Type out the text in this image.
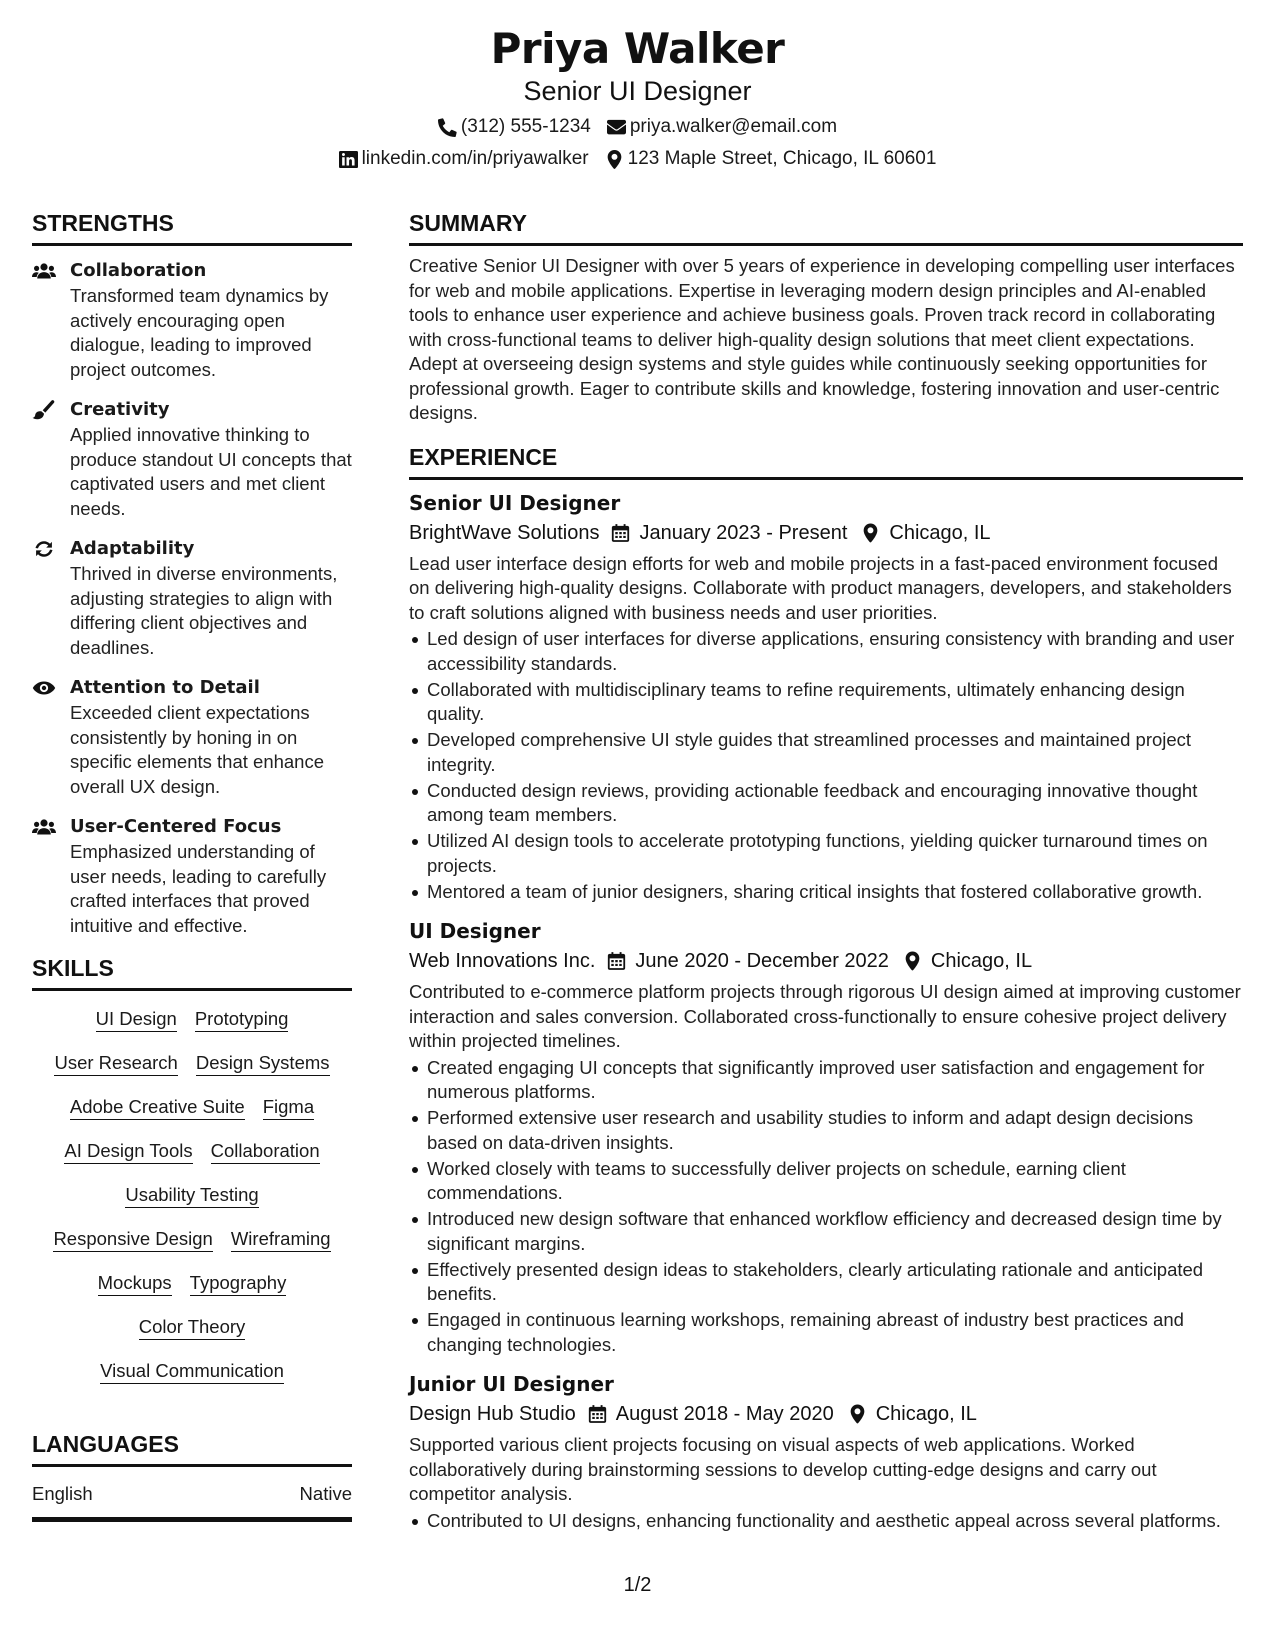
Priya Walker
Senior UI Designer
(312) 555-1234 priya.walker@email.com
linkedin.com/in/priyawalker 123 Maple Street, Chicago, IL 60601
STRENGTHS
Collaboration
Transformed team dynamics by actively encouraging open dialogue, leading to improved project outcomes.
Creativity
Applied innovative thinking to produce standout UI concepts that captivated users and met client needs.
Adaptability
Thrived in diverse environments, adjusting strategies to align with differing client objectives and deadlines.
Attention to Detail
Exceeded client expectations consistently by honing in on specific elements that enhance overall UX design.
User-Centered Focus
Emphasized understanding of user needs, leading to carefully crafted interfaces that proved intuitive and effective.
SKILLS
UI Design Prototyping
User Research Design Systems
Adobe Creative Suite Figma
AI Design Tools Collaboration
Usability Testing
Responsive Design Wireframing
Mockups Typography
Color Theory
Visual Communication
LANGUAGES
English	Native
SUMMARY
Creative Senior UI Designer with over 5 years of experience in developing compelling user interfaces for web and mobile applications. Expertise in leveraging modern design principles and AI-enabled tools to enhance user experience and achieve business goals. Proven track record in collaborating with cross-functional teams to deliver high-quality design solutions that meet client expectations. Adept at overseeing design systems and style guides while continuously seeking opportunities for professional growth. Eager to contribute skills and knowledge, fostering innovation and user-centric designs.
EXPERIENCE
Senior UI Designer
BrightWave Solutions January 2023 - Present Chicago, IL
Lead user interface design efforts for web and mobile projects in a fast-paced environment focused on delivering high-quality designs. Collaborate with product managers, developers, and stakeholders to craft solutions aligned with business needs and user priorities.
Led design of user interfaces for diverse applications, ensuring consistency with branding and user accessibility standards.
Collaborated with multidisciplinary teams to refine requirements, ultimately enhancing design quality.
Developed comprehensive UI style guides that streamlined processes and maintained project integrity.
Conducted design reviews, providing actionable feedback and encouraging innovative thought among team members.
Utilized AI design tools to accelerate prototyping functions, yielding quicker turnaround times on projects.
Mentored a team of junior designers, sharing critical insights that fostered collaborative growth.
UI Designer
Web Innovations Inc. June 2020 - December 2022 Chicago, IL
Contributed to e-commerce platform projects through rigorous UI design aimed at improving customer interaction and sales conversion. Collaborated cross-functionally to ensure cohesive project delivery within projected timelines.
Created engaging UI concepts that significantly improved user satisfaction and engagement for numerous platforms.
Performed extensive user research and usability studies to inform and adapt design decisions based on data-driven insights.
Worked closely with teams to successfully deliver projects on schedule, earning client commendations.
Introduced new design software that enhanced workflow efficiency and decreased design time by significant margins.
Effectively presented design ideas to stakeholders, clearly articulating rationale and anticipated benefits.
Engaged in continuous learning workshops, remaining abreast of industry best practices and changing technologies.
Junior UI Designer
Design Hub Studio August 2018 - May 2020 Chicago, IL
Supported various client projects focusing on visual aspects of web applications. Worked collaboratively during brainstorming sessions to develop cutting-edge designs and carry out competitor analysis.
Contributed to UI designs, enhancing functionality and aesthetic appeal across several platforms.
1/2
